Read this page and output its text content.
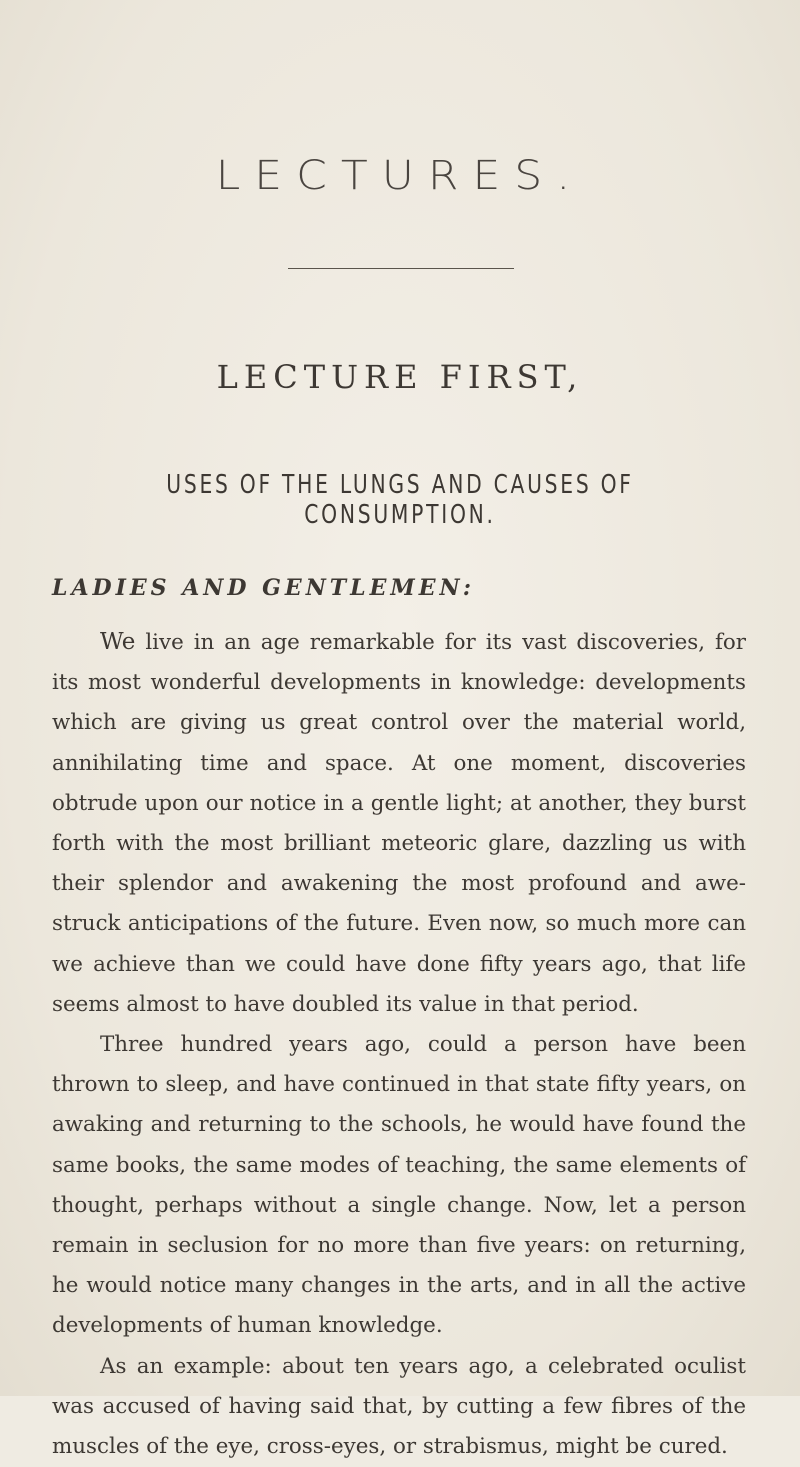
LECTURES.
LECTURE FIRST,
USES OF THE LUNGS AND CAUSES OF CONSUMPTION.
LADIES AND GENTLEMEN:

We live in an age remarkable for its vast discoveries, for its most wonderful developments in knowledge: developments which are giving us great control over the material world, annihilating time and space. At one moment, discoveries obtrude upon our notice in a gentle light; at another, they burst forth with the most brilliant meteoric glare, dazzling us with their splendor and awakening the most profound and awe-struck anticipations of the future. Even now, so much more can we achieve than we could have done fifty years ago, that life seems almost to have doubled its value in that period.

Three hundred years ago, could a person have been thrown to sleep, and have continued in that state fifty years, on awaking and returning to the schools, he would have found the same books, the same modes of teaching, the same elements of thought, perhaps without a single change. Now, let a person remain in seclusion for no more than five years: on returning, he would notice many changes in the arts, and in all the active developments of human knowledge.

As an example: about ten years ago, a celebrated oculist was accused of having said that, by cutting a few fibres of the muscles of the eye, cross-eyes, or strabismus, might be cured.
